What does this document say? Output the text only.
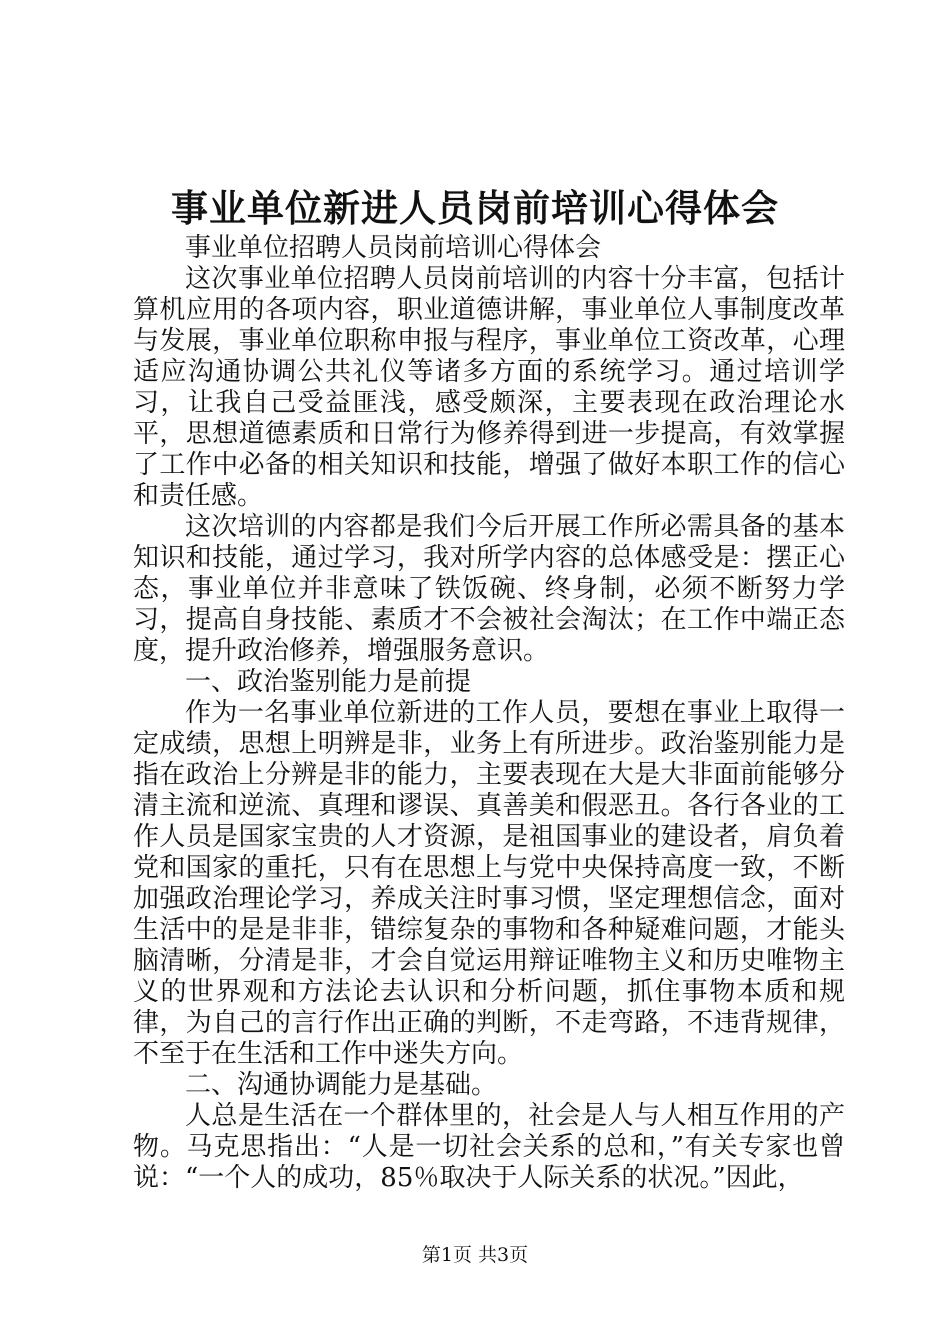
事业单位新进人员岗前培训心得体会

事业单位招聘人员岗前培训心得体会

这次事业单位招聘人员岗前培训的内容十分丰富，包括计算机应用的各项内容，职业道德讲解，事业单位人事制度改革与发展，事业单位职称申报与程序，事业单位工资改革，心理适应沟通协调公共礼仪等诸多方面的系统学习。通过培训学习，让我自己受益匪浅，感受颇深，主要表现在政治理论水平，思想道德素质和日常行为修养得到进一步提高，有效掌握了工作中必备的相关知识和技能，增强了做好本职工作的信心和责任感。

这次培训的内容都是我们今后开展工作所必需具备的基本知识和技能，通过学习，我对所学内容的总体感受是：摆正心态，事业单位并非意味了铁饭碗、终身制，必须不断努力学习，提高自身技能、素质才不会被社会淘汰；在工作中端正态度，提升政治修养，增强服务意识。

一、政治鉴别能力是前提

作为一名事业单位新进的工作人员，要想在事业上取得一定成绩，思想上明辨是非，业务上有所进步。政治鉴别能力是指在政治上分辨是非的能力，主要表现在大是大非面前能够分清主流和逆流、真理和谬误、真善美和假恶丑。各行各业的工作人员是国家宝贵的人才资源，是祖国事业的建设者，肩负着党和国家的重托，只有在思想上与党中央保持高度一致，不断加强政治理论学习，养成关注时事习惯，坚定理想信念，面对生活中的是是非非，错综复杂的事物和各种疑难问题，才能头脑清晰，分清是非，才会自觉运用辩证唯物主义和历史唯物主义的世界观和方法论去认识和分析问题，抓住事物本质和规律，为自己的言行作出正确的判断，不走弯路，不违背规律，不至于在生活和工作中迷失方向。

二、沟通协调能力是基础。

人总是生活在一个群体里的，社会是人与人相互作用的产物。马克思指出：“人是一切社会关系的总和，”有关专家也曾说：“一个人的成功，85％取决于人际关系的状况。”因此，

第1页 共3页
